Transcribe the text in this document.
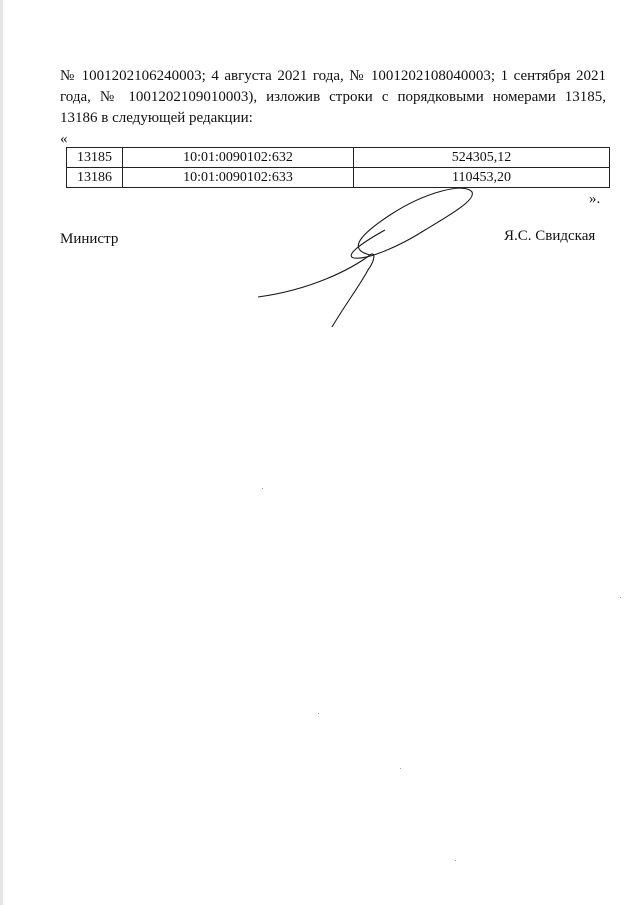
№ 1001202106240003; 4 августа 2021 года, № 1001202108040003; 1 сентября 2021
года, № 1001202109010003), изложив строки с порядковыми номерами 13185,
13186 в следующей редакции:
«
13185	10:01:0090102:632	524305,12
13186	10:01:0090102:633	110453,20
».
Министр	Я.С. Свидская
